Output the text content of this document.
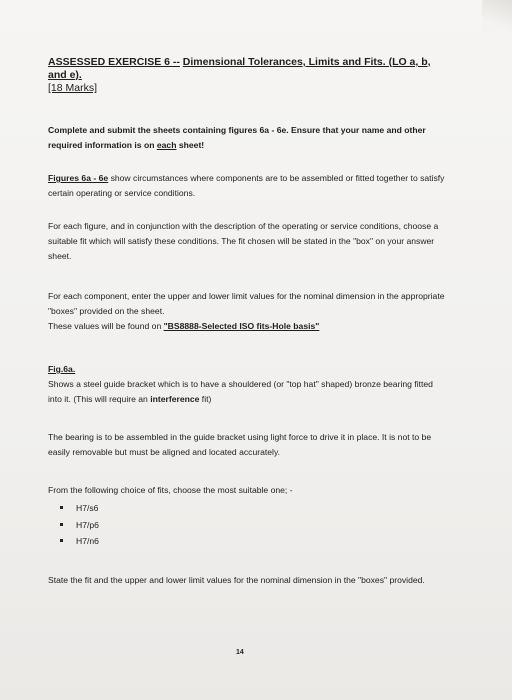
ASSESSED EXERCISE 6 -- Dimensional Tolerances, Limits and Fits. (LO a, b, and e).
[18 Marks]

Complete and submit the sheets containing figures 6a - 6e. Ensure that your name and other required information is on each sheet!

Figures 6a - 6e show circumstances where components are to be assembled or fitted together to satisfy certain operating or service conditions.

For each figure, and in conjunction with the description of the operating or service conditions, choose a suitable fit which will satisfy these conditions. The fit chosen will be stated in the "box" on your answer sheet.

For each component, enter the upper and lower limit values for the nominal dimension in the appropriate "boxes" provided on the sheet.

These values will be found on "BS8888-Selected ISO fits-Hole basis"

Fig.6a.

Shows a steel guide bracket which is to have a shouldered (or "top hat" shaped) bronze bearing fitted into it. (This will require an interference fit)

The bearing is to be assembled in the guide bracket using light force to drive it in place. It is not to be easily removable but must be aligned and located accurately.

From the following choice of fits, choose the most suitable one; -

H7/s6
H7/p6
H7/n6

State the fit and the upper and lower limit values for the nominal dimension in the "boxes" provided.

14
